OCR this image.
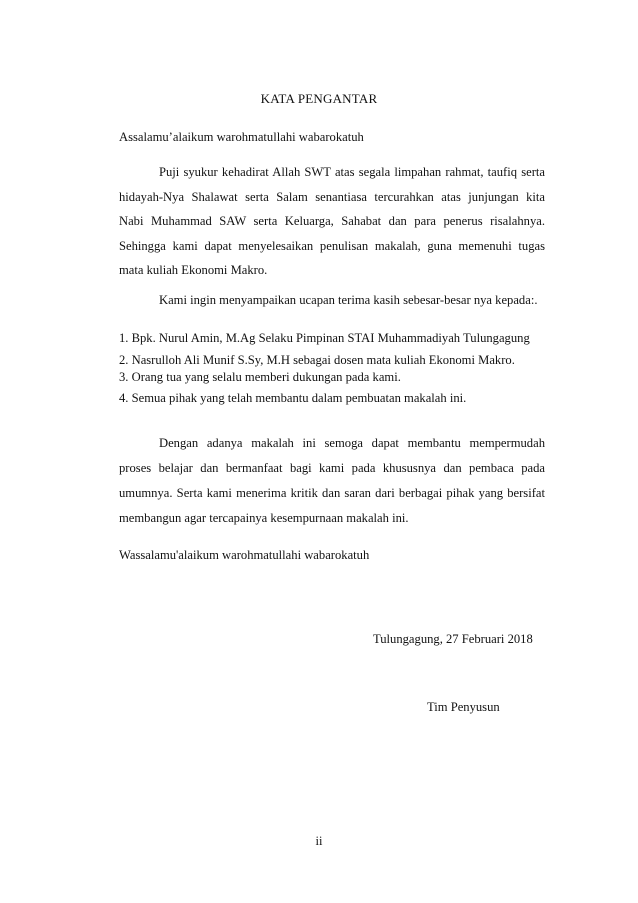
KATA PENGANTAR
Assalamu’alaikum warohmatullahi wabarokatuh
Puji syukur kehadirat Allah SWT atas segala limpahan rahmat, taufiq serta
hidayah-Nya Shalawat serta Salam senantiasa tercurahkan atas junjungan kita
Nabi Muhammad SAW serta Keluarga, Sahabat dan para penerus risalahnya.
Sehingga kami dapat menyelesaikan penulisan makalah, guna memenuhi tugas
mata kuliah Ekonomi Makro.
Kami ingin menyampaikan ucapan terima kasih sebesar-besar nya kepada:.
1. Bpk. Nurul Amin, M.Ag Selaku Pimpinan STAI Muhammadiyah Tulungagung
2. Nasrulloh Ali Munif S.Sy, M.H sebagai dosen mata kuliah Ekonomi Makro.
3. Orang tua yang selalu memberi dukungan pada kami.
4. Semua pihak yang telah membantu dalam pembuatan makalah ini.
Dengan adanya makalah ini semoga dapat membantu mempermudah
proses belajar dan bermanfaat bagi kami pada khususnya dan pembaca pada
umumnya. Serta kami menerima kritik dan saran dari berbagai pihak yang bersifat
membangun agar tercapainya kesempurnaan makalah ini.
Wassalamu'alaikum warohmatullahi wabarokatuh
Tulungagung, 27 Februari 2018
Tim Penyusun
ii
